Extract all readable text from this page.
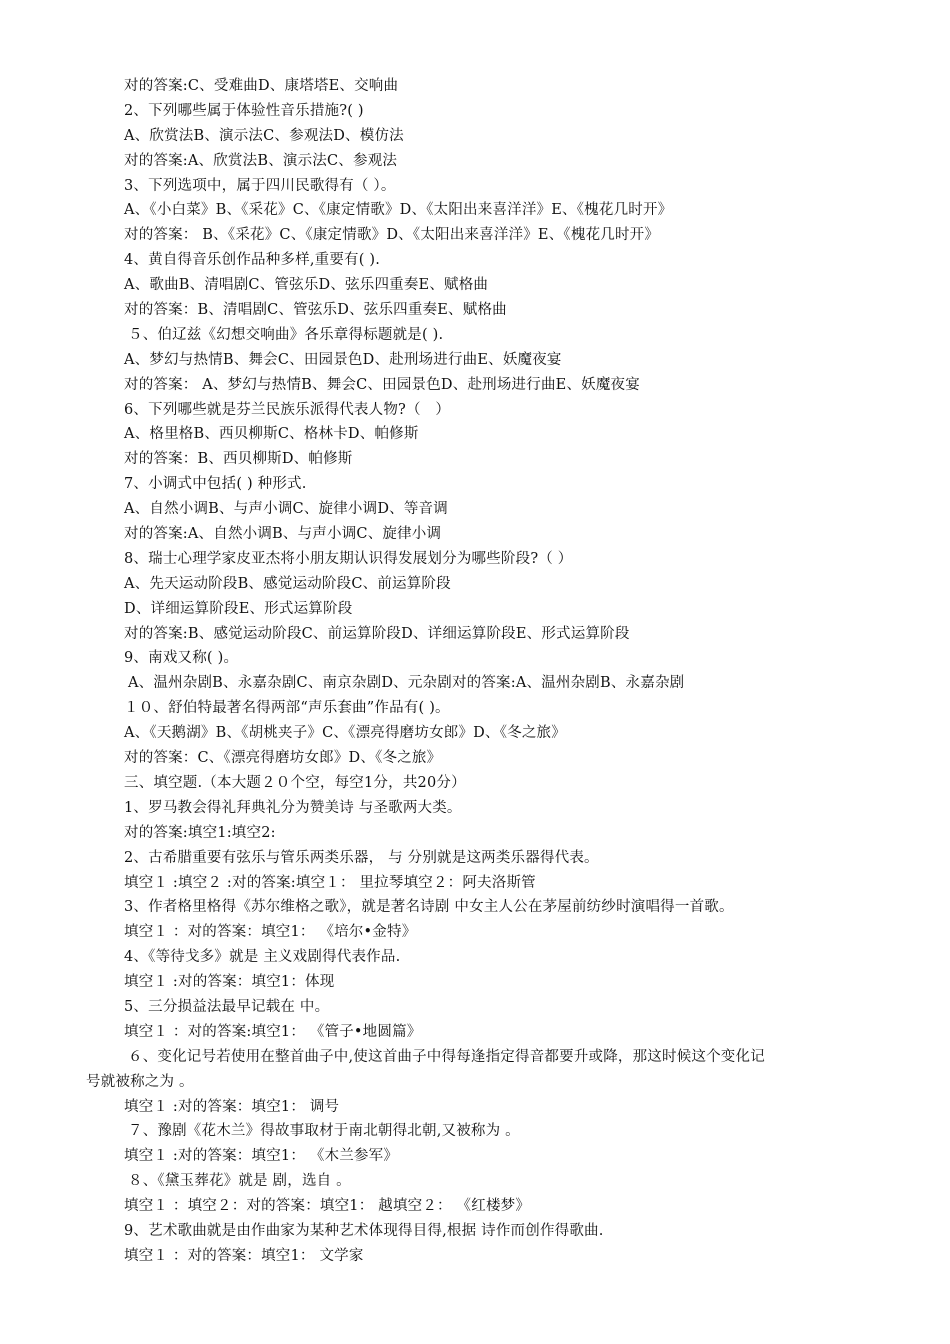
对的答案:C、受难曲D、康塔塔E、交响曲
2、下列哪些属于体验性音乐措施?( )
A、欣赏法B、演示法C、参观法D、模仿法
对的答案:A、欣赏法B、演示法C、参观法
3、下列选项中，属于四川民歌得有（ ）。
A、《小白菜》B、《采花》C、《康定情歌》D、《太阳出来喜洋洋》E、《槐花几时开》
对的答案： B、《采花》C、《康定情歌》D、《太阳出来喜洋洋》E、《槐花几时开》
4、黄自得音乐创作品种多样,重要有( ).
A、歌曲B、清唱剧C、管弦乐D、弦乐四重奏E、赋格曲
对的答案：B、清唱剧C、管弦乐D、弦乐四重奏E、赋格曲
５、伯辽兹《幻想交响曲》各乐章得标题就是( ).
A、梦幻与热情B、舞会C、田园景色D、赴刑场进行曲E、妖魔夜宴
对的答案： A、梦幻与热情B、舞会C、田园景色D、赴刑场进行曲E、妖魔夜宴
6、下列哪些就是芬兰民族乐派得代表人物?（　）
A、格里格B、西贝柳斯C、格林卡D、帕修斯
对的答案：B、西贝柳斯D、帕修斯
7、小调式中包括( ) 种形式.
A、自然小调B、与声小调C、旋律小调D、等音调
对的答案:A、自然小调B、与声小调C、旋律小调
8、瑞士心理学家皮亚杰将小朋友期认识得发展划分为哪些阶段?（ ）
A、先天运动阶段B、感觉运动阶段C、前运算阶段
D、详细运算阶段E、形式运算阶段
对的答案:B、感觉运动阶段C、前运算阶段D、详细运算阶段E、形式运算阶段
9、南戏又称( )。
A、温州杂剧B、永嘉杂剧C、南京杂剧D、元杂剧对的答案:A、温州杂剧B、永嘉杂剧
１０、舒伯特最著名得两部“声乐套曲”作品有( )。
A、《天鹅湖》B、《胡桃夹子》C、《漂亮得磨坊女郎》D、《冬之旅》
对的答案：C、《漂亮得磨坊女郎》D、《冬之旅》
三、填空题.（本大题２０个空，每空1分，共20分）
1、罗马教会得礼拜典礼分为赞美诗 与圣歌两大类。
对的答案:填空1:填空2:
2、古希腊重要有弦乐与管乐两类乐器， 与 分别就是这两类乐器得代表。
填空１ :填空２ :对的答案:填空１： 里拉琴填空２：阿夫洛斯管
3、作者格里格得《苏尔维格之歌》，就是著名诗剧 中女主人公在茅屋前纺纱时演唱得一首歌。
填空１ ：对的答案：填空1： 《培尔•金特》
4、《等待戈多》就是 主义戏剧得代表作品.
填空１ :对的答案：填空1：体现
5、三分损益法最早记载在 中。
填空１ ：对的答案:填空1： 《管子•地圆篇》
６、变化记号若使用在整首曲子中,使这首曲子中得每逢指定得音都要升或降，那这时候这个变化记
号就被称之为 。
填空１ :对的答案：填空1： 调号
７、豫剧《花木兰》得故事取材于南北朝得北朝,又被称为 。
填空１ :对的答案：填空1： 《木兰参军》
８、《黛玉葬花》就是 剧，选自 。
填空１ ：填空２：对的答案：填空1： 越填空２： 《红楼梦》
9、艺术歌曲就是由作曲家为某种艺术体现得目得,根据 诗作而创作得歌曲.
填空１ ：对的答案：填空1： 文学家
